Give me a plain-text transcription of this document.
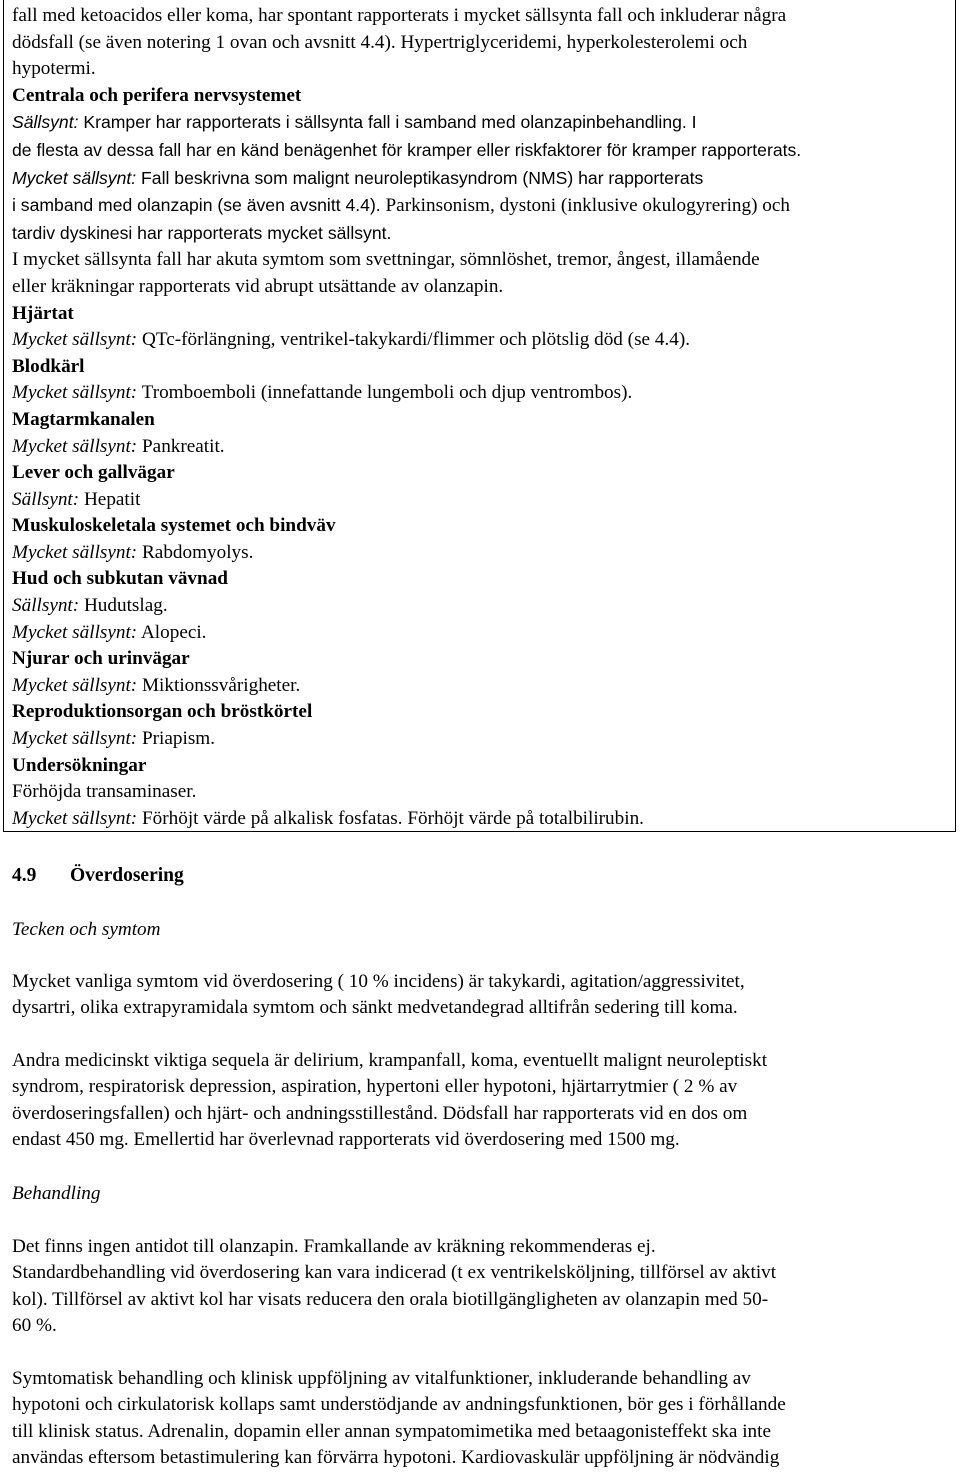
fall med ketoacidos eller koma, har spontant rapporterats i mycket sällsynta fall och inkluderar några
dödsfall (se även notering 1 ovan och avsnitt 4.4). Hypertriglyceridemi, hyperkolesterolemi och
hypotermi.
Centrala och perifera nervsystemet
Sällsynt: Kramper har rapporterats i sällsynta fall i samband med olanzapinbehandling. I
de flesta av dessa fall har en känd benägenhet för kramper eller riskfaktorer för kramper rapporterats.
Mycket sällsynt: Fall beskrivna som malignt neuroleptikasyndrom (NMS) har rapporterats
i samband med olanzapin (se även avsnitt 4.4). Parkinsonism, dystoni (inklusive okulogyrering) och
tardiv dyskinesi har rapporterats mycket sällsynt.
I mycket sällsynta fall har akuta symtom som svettningar, sömnlöshet, tremor, ångest, illamående
eller kräkningar rapporterats vid abrupt utsättande av olanzapin.
Hjärtat
Mycket sällsynt: QTc-förlängning, ventrikel-takykardi/flimmer och plötslig död (se 4.4).
Blodkärl
Mycket sällsynt: Tromboemboli (innefattande lungemboli och djup ventrombos).
Magtarmkanalen
Mycket sällsynt: Pankreatit.
Lever och gallvägar
Sällsynt: Hepatit
Muskuloskeletala systemet och bindväv
Mycket sällsynt: Rabdomyolys.
Hud och subkutan vävnad
Sällsynt: Hudutslag.
Mycket sällsynt: Alopeci.
Njurar och urinvägar
Mycket sällsynt: Miktionssvårigheter.
Reproduktionsorgan och bröstkörtel
Mycket sällsynt: Priapism.
Undersökningar
Förhöjda transaminaser.
Mycket sällsynt: Förhöjt värde på alkalisk fosfatas. Förhöjt värde på totalbilirubin.
4.9 Överdosering
Tecken och symtom
Mycket vanliga symtom vid överdosering ( 10 % incidens) är takykardi, agitation/aggressivitet,
dysartri, olika extrapyramidala symtom och sänkt medvetandegrad alltifrån sedering till koma.
Andra medicinskt viktiga sequela är delirium, krampanfall, koma, eventuellt malignt neuroleptiskt
syndrom, respiratorisk depression, aspiration, hypertoni eller hypotoni, hjärtarrytmier ( 2 % av
överdoseringsfallen) och hjärt- och andningsstillestånd. Dödsfall har rapporterats vid en dos om
endast 450 mg. Emellertid har överlevnad rapporterats vid överdosering med 1500 mg.
Behandling
Det finns ingen antidot till olanzapin. Framkallande av kräkning rekommenderas ej.
Standardbehandling vid överdosering kan vara indicerad (t ex ventrikelsköljning, tillförsel av aktivt
kol). Tillförsel av aktivt kol har visats reducera den orala biotillgängligheten av olanzapin med 50-
60 %.
Symtomatisk behandling och klinisk uppföljning av vitalfunktioner, inkluderande behandling av
hypotoni och cirkulatorisk kollaps samt understödjande av andningsfunktionen, bör ges i förhållande
till klinisk status. Adrenalin, dopamin eller annan sympatomimetika med betaagonisteffekt ska inte
användas eftersom betastimulering kan förvärra hypotoni. Kardiovaskulär uppföljning är nödvändig
